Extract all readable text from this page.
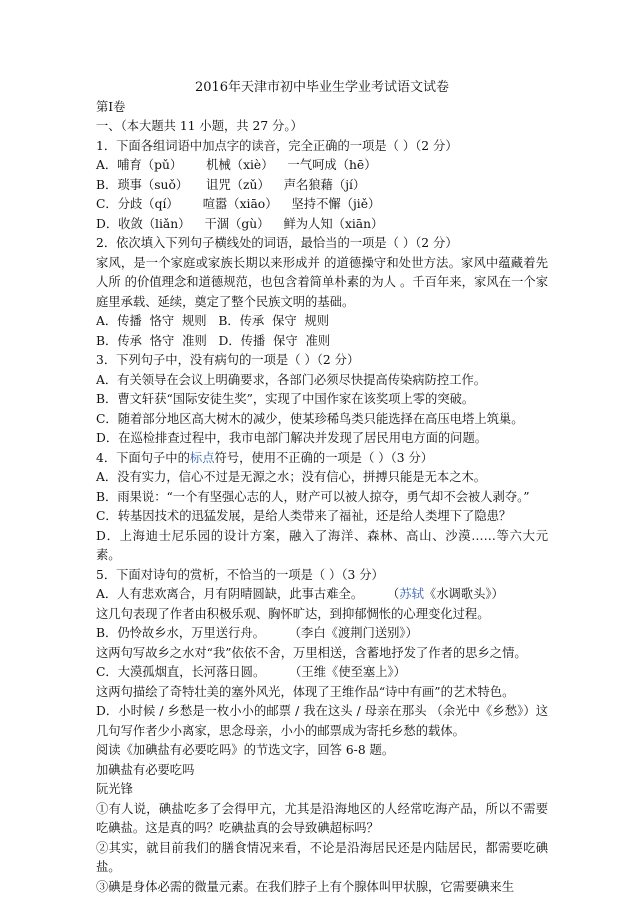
2016年天津市初中毕业生学业考试语文试卷
第Ⅰ卷
一、（本大题共 11 小题，共 27 分。）
1．下面各组词语中加点字的读音，完全正确的一项是（ ）（2 分）
A．哺育（pǔ） 机械（xiè） 一气呵成（hē）
B．琐事（suǒ） 诅咒（zǔ） 声名狼藉（jí）
C．分歧（qí） 喧嚣（xiāo） 坚持不懈（jiě）
D．收敛（liǎn） 干涸（gù） 鲜为人知（xiān）
2．依次填入下列句子横线处的词语，最恰当的一项是（ ）（2 分）
家风，是一个家庭或家族长期以来形成并 的道德操守和处世方法。家风中蕴藏着先人所 的价值理念和道德规范，也包含着简单朴素的为人 。千百年来，家风在一个家庭里承载、延续，奠定了整个民族文明的基础。
A．传播  恪守  规则   B．传承  保守  规则
B．传承  恪守  准则   D．传播  保守  准则
3．下列句子中，没有病句的一项是（ ）（2 分）
A．有关领导在会议上明确要求，各部门必须尽快提高传染病防控工作。
B．曹文轩获“国际安徒生奖”，实现了中国作家在该奖项上零的突破。
C．随着部分地区高大树木的减少，使某珍稀鸟类只能选择在高压电塔上筑巢。
D．在巡检排查过程中，我市电部门解决并发现了居民用电方面的问题。
4．下面句子中的标点符号，使用不正确的一项是（ ）（3 分）
A．没有实力，信心不过是无源之水；没有信心，拼搏只能是无本之木。
B．雨果说：“一个有坚强心志的人，财产可以被人掠夺，勇气却不会被人剥夺。”
C．转基因技术的迅猛发展，是给人类带来了福祉，还是给人类埋下了隐患？
D．上海迪士尼乐园的设计方案，融入了海洋、森林、高山、沙漠……等六大元素。
5．下面对诗句的赏析，不恰当的一项是（ ）（3 分）
A．人有悲欢离合，月有阴晴圆缺，此事古难全。 （苏轼《水调歌头》）
这几句表现了作者由积极乐观、胸怀旷达，到抑郁惆怅的心理变化过程。
B．仍怜故乡水，万里送行舟。 （李白《渡荆门送别》）
这两句写故乡之水对“我”依依不舍，万里相送，含蓄地抒发了作者的思乡之情。
C．大漠孤烟直，长河落日圆。 （王维《使至塞上》）
这两句描绘了奇特壮美的塞外风光，体现了王维作品“诗中有画”的艺术特色。
D．小时候 / 乡愁是一枚小小的邮票 / 我在这头 / 母亲在那头 （余光中《乡愁》）这几句写作者少小离家，思念母亲，小小的邮票成为寄托乡愁的载体。
阅读《加碘盐有必要吃吗》的节选文字，回答 6-8 题。
加碘盐有必要吃吗
阮光锋
①有人说，碘盐吃多了会得甲亢，尤其是沿海地区的人经常吃海产品，所以不需要吃碘盐。这是真的吗？吃碘盐真的会导致碘超标吗？
②其实，就目前我们的膳食情况来看，不论是沿海居民还是内陆居民，都需要吃碘盐。
③碘是身体必需的微量元素。在我们脖子上有个腺体叫甲状腺，它需要碘来生
